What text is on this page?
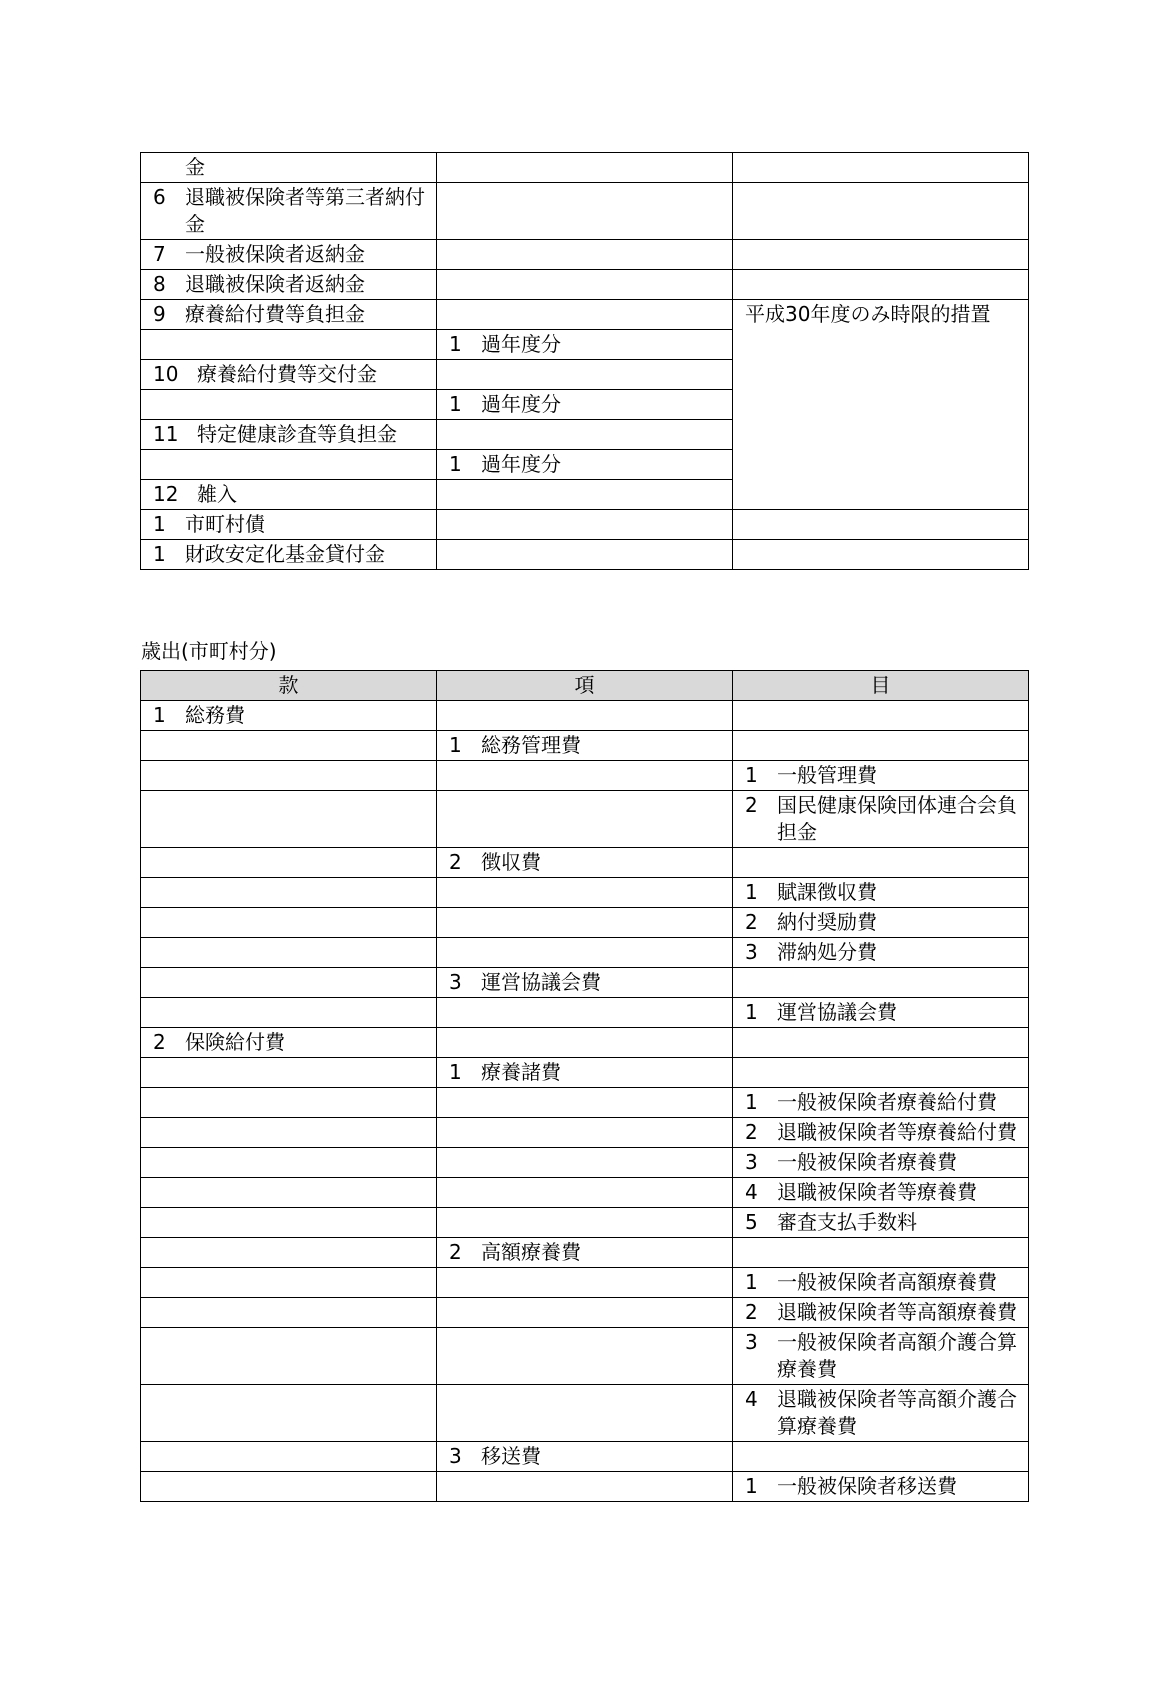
金			

6 退職被保険者等第三者納付金			

7 一般被保険者返納金			

8 退職被保険者返納金			

9 療養給付費等負担金		平成30年度のみ時限的措置	

	1 過年度分		

10 療養給付費等交付金			

	1 過年度分		

11 特定健康診査等負担金			

	1 過年度分		

12 雑入			

1 市町村債			

1 財政安定化基金貸付金			

歳出(市町村分)
款	項	目

1 総務費		

	1 総務管理費	

		1 一般管理費

		2 国民健康保険団体連合会負担金

	2 徴収費	

		1 賦課徴収費

		2 納付奨励費

		3 滞納処分費

	3 運営協議会費	

		1 運営協議会費

2 保険給付費		

	1 療養諸費	

		1 一般被保険者療養給付費

		2 退職被保険者等療養給付費

		3 一般被保険者療養費

		4 退職被保険者等療養費

		5 審査支払手数料

	2 高額療養費	

		1 一般被保険者高額療養費

		2 退職被保険者等高額療養費

		3 一般被保険者高額介護合算療養費

		4 退職被保険者等高額介護合算療養費

	3 移送費	

		1 一般被保険者移送費
